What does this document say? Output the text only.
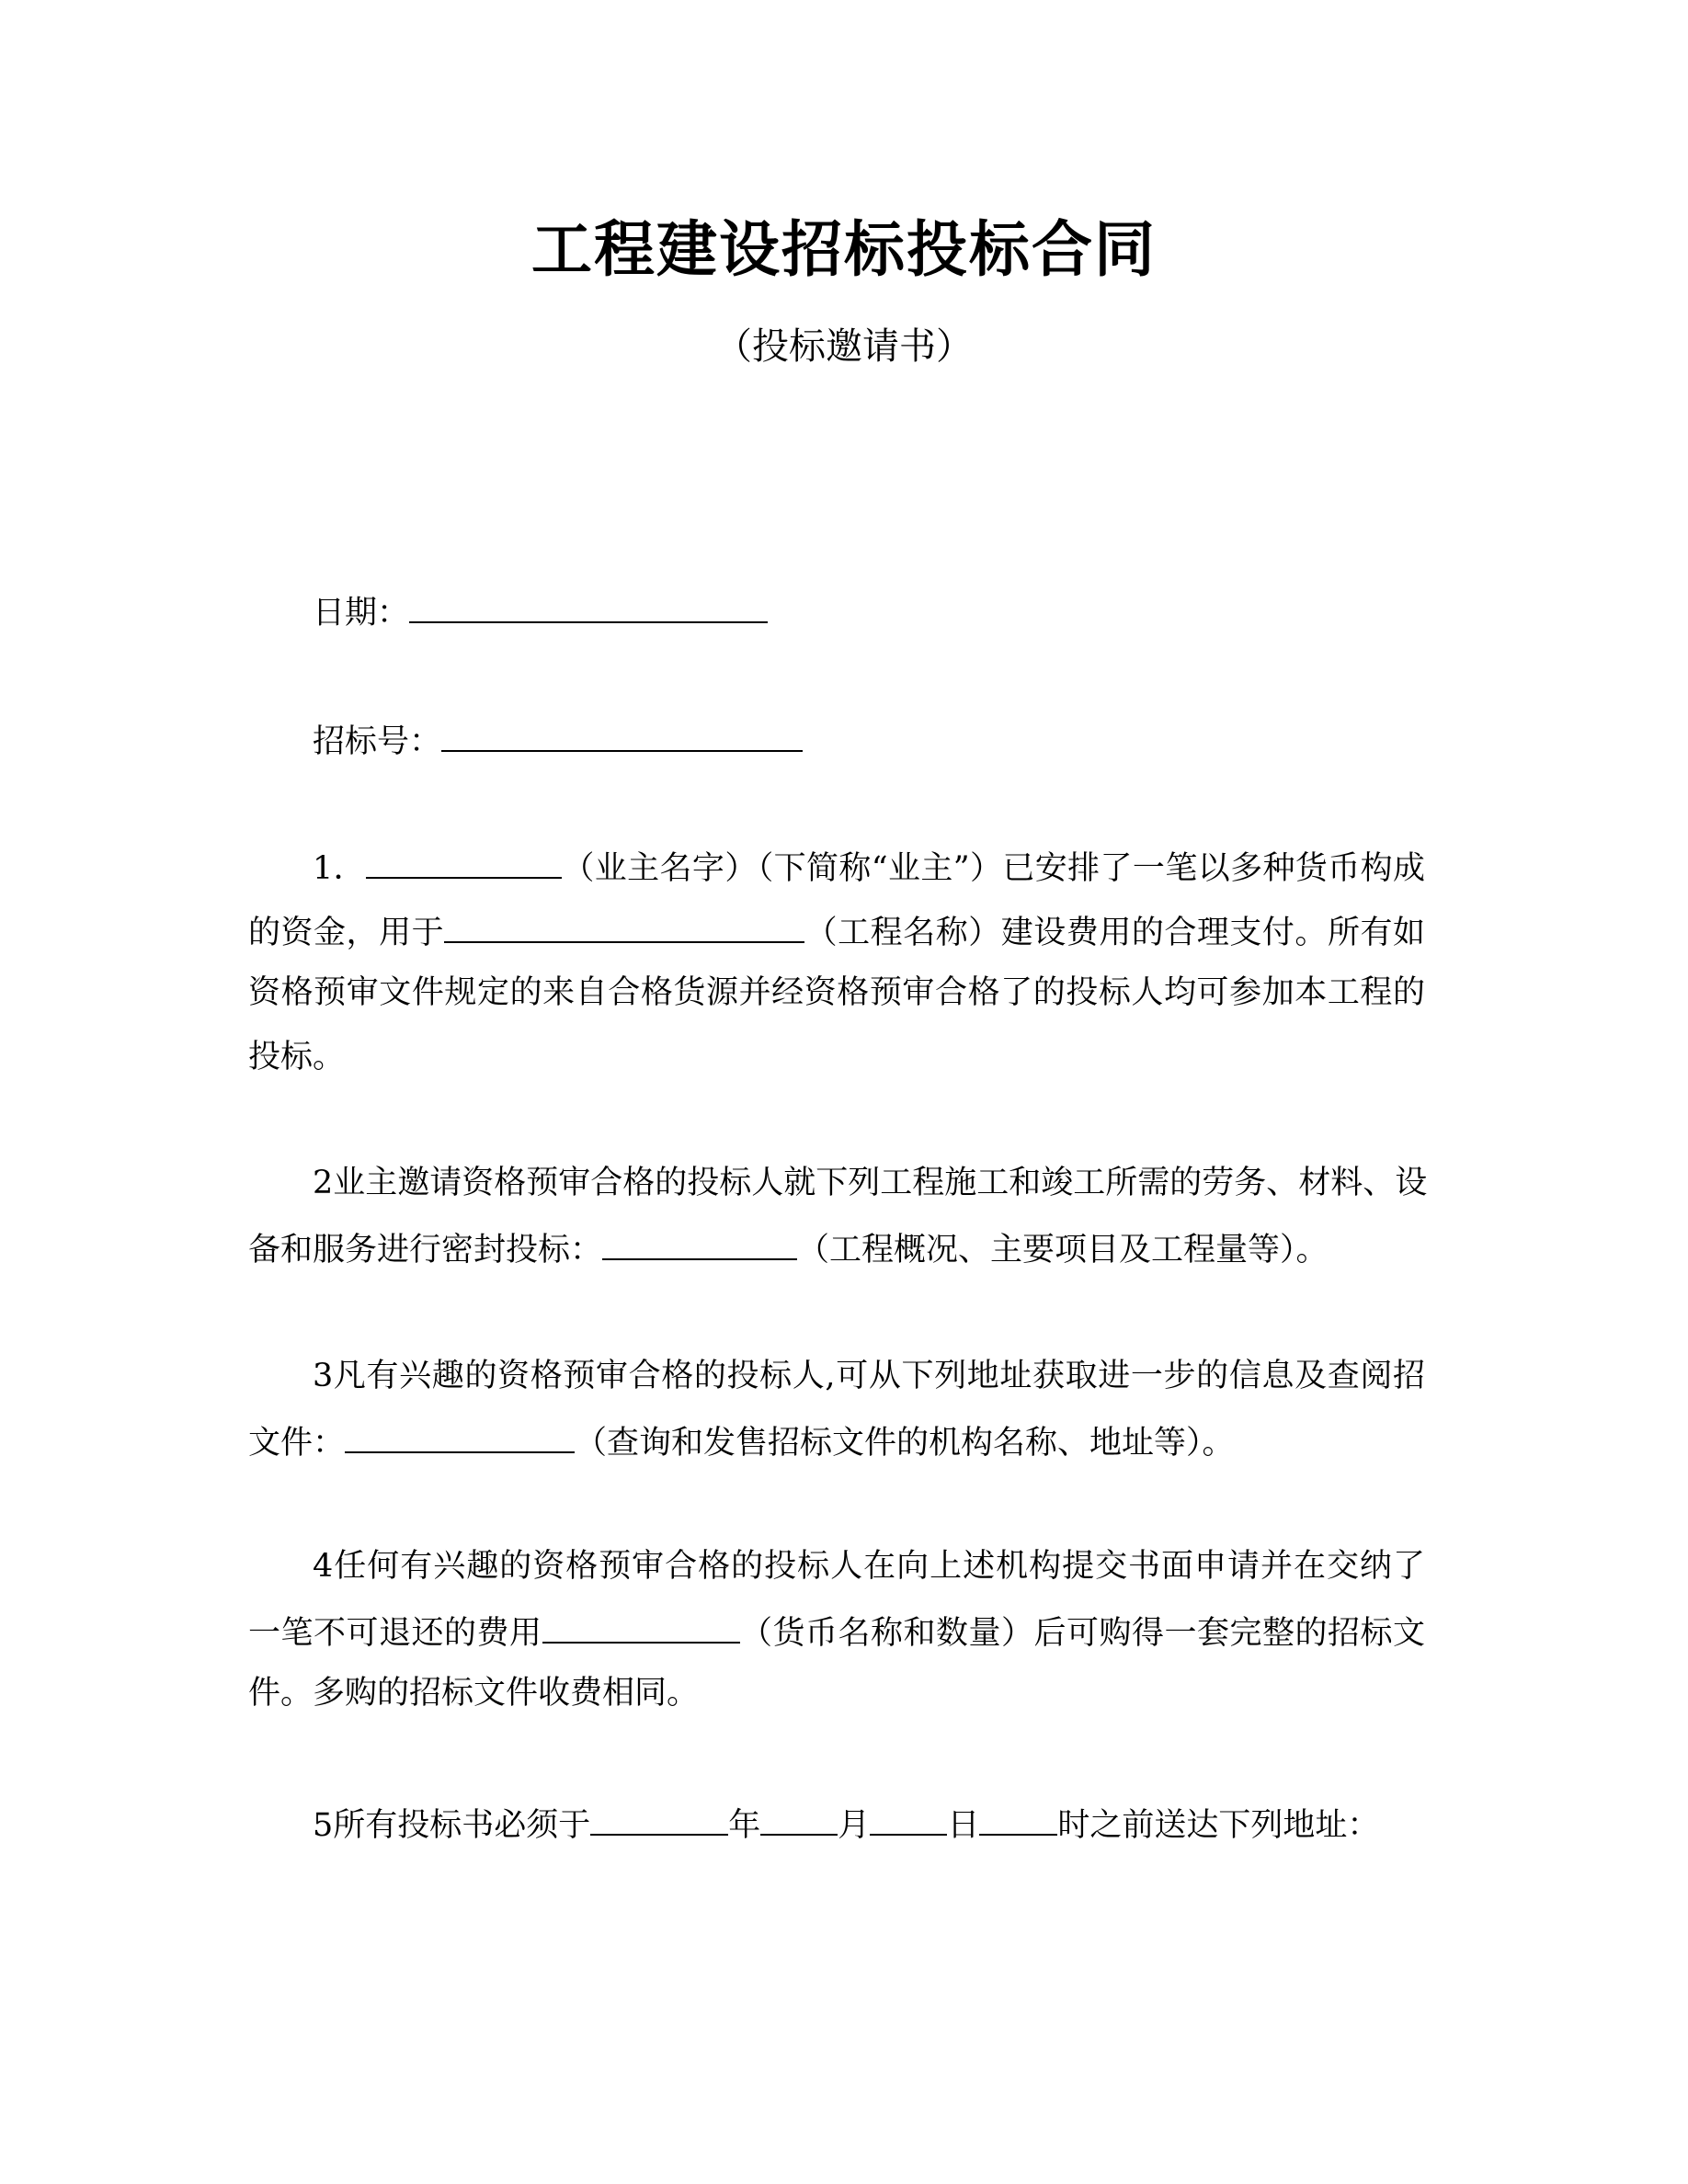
工程建设招标投标合同
（投标邀请书）
日期：
招标号：
1．	（业主名字）（下简称“业主”）已安排了一笔以多种货币构成
的资金，用于	（工程名称）建设费用的合理支付。所有如
资格预审文件规定的来自合格货源并经资格预审合格了的投标人均可参加本工程的
投标。
2业主邀请资格预审合格的投标人就下列工程施工和竣工所需的劳务、材料、设
备和服务进行密封投标：	（工程概况、主要项目及工程量等）。
3凡有兴趣的资格预审合格的投标人,可从下列地址获取进一步的信息及查阅招
文件：	（查询和发售招标文件的机构名称、地址等）。
4任何有兴趣的资格预审合格的投标人在向上述机构提交书面申请并在交纳了
一笔不可退还的费用	（货币名称和数量）后可购得一套完整的招标文
件。多购的招标文件收费相同。
5所有投标书必须于	年 月 日 时之前送达下列地址：
